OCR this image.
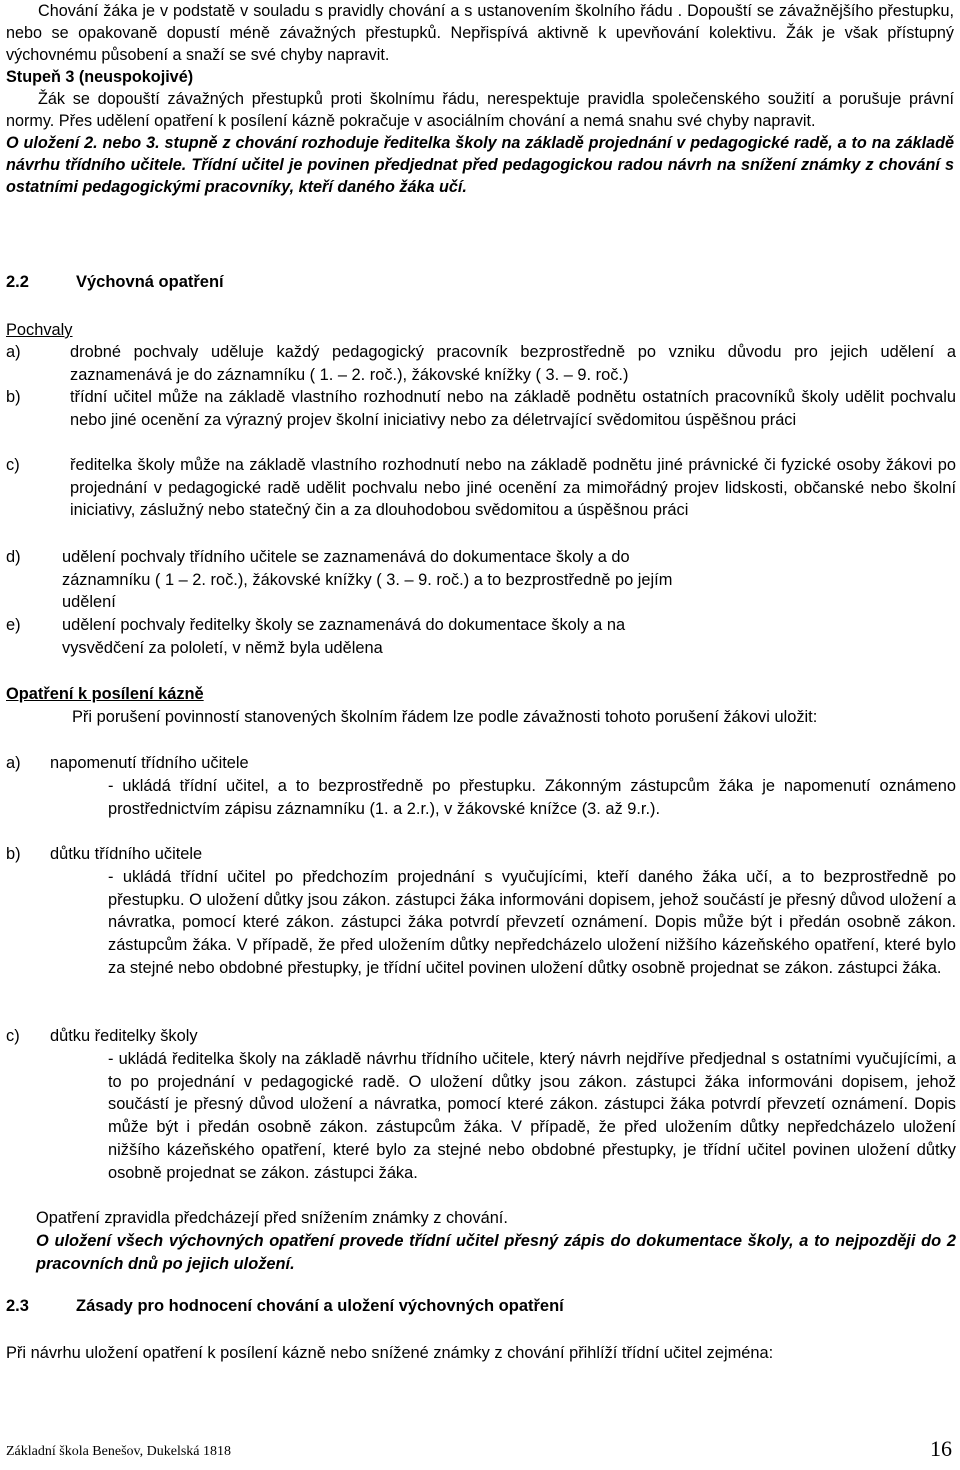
Chování žáka je v podstatě v souladu s pravidly chování a s ustanovením školního řádu . Dopouští se závažnějšího přestupku, nebo se opakovaně dopustí méně závažných přestupků. Nepřispívá aktivně k upevňování kolektivu. Žák je však přístupný výchovnému působení a snaží se své chyby napravit.
Stupeň 3 (neuspokojivé)
Žák se dopouští závažných přestupků proti školnímu řádu, nerespektuje pravidla společenského soužití a porušuje právní normy. Přes udělení opatření k posílení kázně pokračuje v asociálním chování a nemá snahu své chyby napravit.
O uložení 2. nebo 3. stupně z chování rozhoduje ředitelka školy na základě projednání v pedagogické radě, a to na základě návrhu třídního učitele. Třídní učitel je povinen předjednat před pedagogickou radou návrh na snížení známky z chování s ostatními pedagogickými pracovníky, kteří daného žáka učí.
2.2	Výchovná opatření
Pochvaly
a)	drobné pochvaly uděluje každý pedagogický pracovník bezprostředně po vzniku důvodu pro jejich udělení a zaznamenává je do záznamníku ( 1. – 2. roč.), žákovské knížky ( 3. – 9. roč.)
b)	třídní učitel může na základě vlastního rozhodnutí nebo na základě podnětu ostatních pracovníků školy udělit pochvalu nebo jiné ocenění za výrazný projev školní iniciativy nebo za déletrvající svědomitou úspěšnou práci
c)	ředitelka školy může na základě vlastního rozhodnutí nebo na základě podnětu jiné právnické či fyzické osoby žákovi po projednání v pedagogické radě udělit pochvalu nebo jiné ocenění za mimořádný projev lidskosti, občanské nebo školní iniciativy, záslužný nebo statečný čin a za dlouhodobou svědomitou a úspěšnou práci
d)	udělení pochvaly třídního učitele se zaznamenává do dokumentace školy a do záznamníku ( 1 – 2. roč.), žákovské knížky ( 3. – 9. roč.) a to bezprostředně po jejím udělení
e)	udělení pochvaly ředitelky školy se zaznamenává do dokumentace školy a na vysvědčení za pololetí, v němž byla udělena
Opatření k posílení kázně
Při porušení povinností stanovených školním řádem lze podle závažnosti tohoto porušení žákovi uložit:
a) napomenutí třídního učitele
- ukládá třídní učitel, a to bezprostředně po přestupku. Zákonným zástupcům žáka je napomenutí oznámeno prostřednictvím zápisu záznamníku (1. a 2.r.), v žákovské knížce (3. až 9.r.).
b) důtku třídního učitele
- ukládá třídní učitel po předchozím projednání s vyučujícími, kteří daného žáka učí, a to bezprostředně po přestupku. O uložení důtky jsou zákon. zástupci žáka informováni dopisem, jehož součástí je přesný důvod uložení a návratka, pomocí které zákon. zástupci žáka potvrdí převzetí oznámení. Dopis může být i předán osobně zákon. zástupcům žáka. V případě, že před uložením důtky nepředcházelo uložení nižšího kázeňského opatření, které bylo za stejné nebo obdobné přestupky, je třídní učitel povinen uložení důtky osobně projednat se zákon. zástupci žáka.
c) důtku ředitelky školy
- ukládá ředitelka školy na základě návrhu třídního učitele, který návrh nejdříve předjednal s ostatními vyučujícími, a to po projednání v pedagogické radě. O uložení důtky jsou zákon. zástupci žáka informováni dopisem, jehož součástí je přesný důvod uložení a návratka, pomocí které zákon. zástupci žáka potvrdí převzetí oznámení. Dopis může být i předán osobně zákon. zástupcům žáka. V případě, že před uložením důtky nepředcházelo uložení nižšího kázeňského opatření, které bylo za stejné nebo obdobné přestupky, je třídní učitel povinen uložení důtky osobně projednat se zákon. zástupci žáka.
Opatření zpravidla předcházejí před snížením známky z chování.
O uložení všech výchovných opatření provede třídní učitel přesný zápis do dokumentace školy, a to nejpozději do 2 pracovních dnů po jejich uložení.
2.3	Zásady pro hodnocení chování a uložení výchovných opatření
Při návrhu uložení opatření k posílení kázně nebo snížené známky z chování přihlíží třídní učitel zejména:
Základní škola Benešov, Dukelská 1818	16
